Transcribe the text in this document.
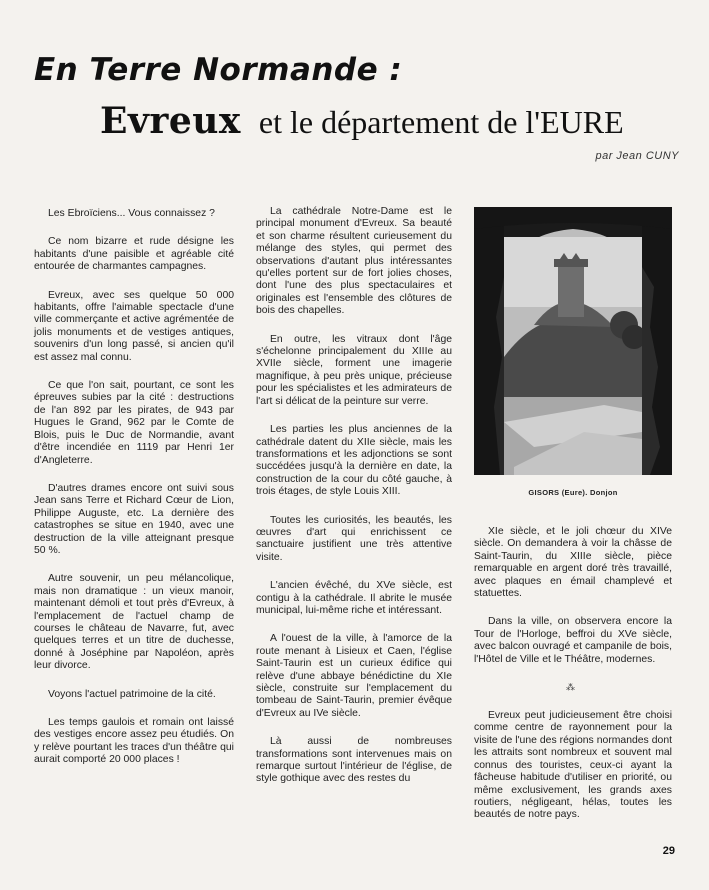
En Terre Normande :
Evreux et le département de l'EURE
par Jean CUNY

Les Ebroïciens... Vous connaissez ?

Ce nom bizarre et rude désigne les habitants d'une paisible et agréable cité entourée de charmantes campagnes.

Evreux, avec ses quelque 50 000 habitants, offre l'aimable spectacle d'une ville commerçante et active agrémentée de jolis monuments et de vestiges antiques, souvenirs d'un long passé, si ancien qu'il est assez mal connu.

Ce que l'on sait, pourtant, ce sont les épreuves subies par la cité : destructions de l'an 892 par les pirates, de 943 par Hugues le Grand, 962 par le Comte de Blois, puis le Duc de Normandie, avant d'être incendiée en 1119 par Henri 1er d'Angleterre.

D'autres drames encore ont suivi sous Jean sans Terre et Richard Cœur de Lion, Philippe Auguste, etc. La dernière des catastrophes se situe en 1940, avec une destruction de la ville atteignant presque 50 %.

Autre souvenir, un peu mélancolique, mais non dramatique : un vieux manoir, maintenant démoli et tout près d'Evreux, à l'emplacement de l'actuel champ de courses le château de Navarre, fut, avec quelques terres et un titre de duchesse, donné à Joséphine par Napoléon, après leur divorce.

Voyons l'actuel patrimoine de la cité.

Les temps gaulois et romain ont laissé des vestiges encore assez peu étudiés. On y relève pourtant les traces d'un théâtre qui aurait comporté 20 000 places !

La cathédrale Notre-Dame est le principal monument d'Evreux. Sa beauté et son charme résultent curieusement du mélange des styles, qui permet des observations d'autant plus intéressantes qu'elles portent sur de fort jolies choses, dont l'une des plus spectaculaires et originales est l'ensemble des clôtures de bois des chapelles.

En outre, les vitraux dont l'âge s'échelonne principalement du XIIIe au XVIIe siècle, forment une imagerie magnifique, à peu près unique, précieuse pour les spécialistes et les admirateurs de l'art si délicat de la peinture sur verre.

Les parties les plus anciennes de la cathédrale datent du XIIe siècle, mais les transformations et les adjonctions se sont succédées jusqu'à la dernière en date, la construction de la cour du côté gauche, à trois étages, de style Louis XIII.

Toutes les curiosités, les beautés, les œuvres d'art qui enrichissent ce sanctuaire justifient une très attentive visite.

L'ancien évêché, du XVe siècle, est contigu à la cathédrale. Il abrite le musée municipal, lui-même riche et intéressant.

A l'ouest de la ville, à l'amorce de la route menant à Lisieux et Caen, l'église Saint-Taurin est un curieux édifice qui relève d'une abbaye bénédictine du XIe siècle, construite sur l'emplacement du tombeau de Saint-Taurin, premier évêque d'Evreux au IVe siècle.

Là aussi de nombreuses transformations sont intervenues mais on remarque surtout l'intérieur de l'église, de style gothique avec des restes du

GISORS (Eure). Donjon

XIe siècle, et le joli chœur du XIVe siècle. On demandera à voir la châsse de Saint-Taurin, du XIIIe siècle, pièce remarquable en argent doré très travaillé, avec plaques en émail champlevé et statuettes.

Dans la ville, on observera encore la Tour de l'Horloge, beffroi du XVe siècle, avec balcon ouvragé et campanile de bois, l'Hôtel de Ville et le Théâtre, modernes.

Evreux peut judicieusement être choisi comme centre de rayonnement pour la visite de l'une des régions normandes dont les attraits sont nombreux et souvent mal connus des touristes, ceux-ci ayant la fâcheuse habitude d'utiliser en priorité, ou même exclusivement, les grands axes routiers, négligeant, hélas, toutes les beautés de notre pays.

⁂
29
